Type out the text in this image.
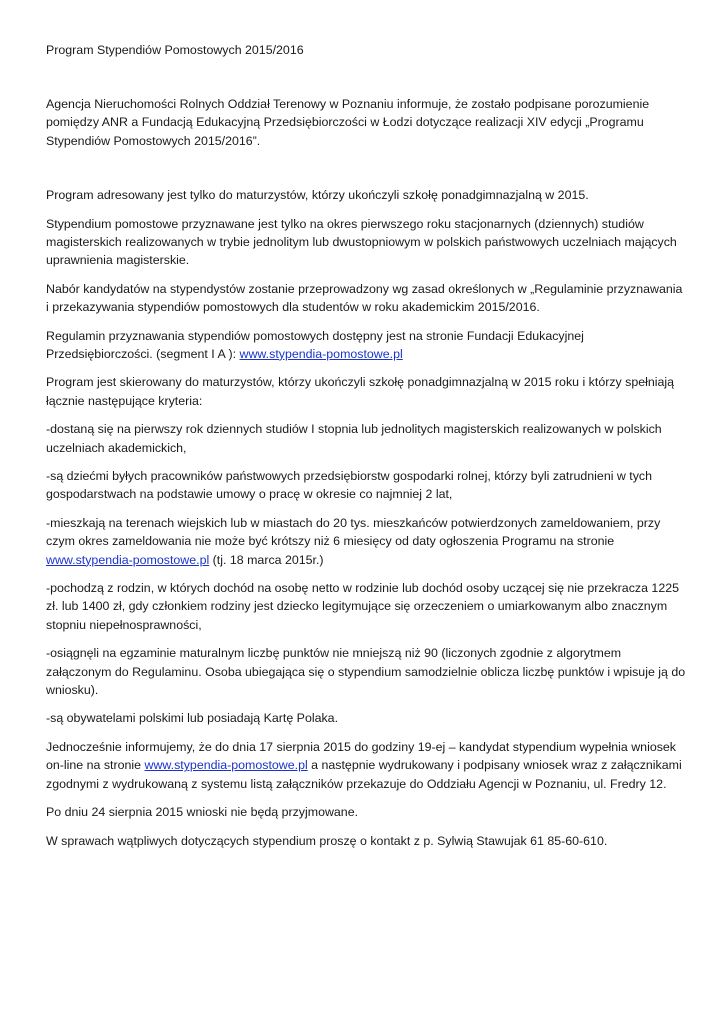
Program Stypendiów Pomostowych 2015/2016

Agencja Nieruchomości Rolnych Oddział Terenowy w Poznaniu informuje, że zostało podpisane porozumienie pomiędzy ANR a Fundacją Edukacyjną Przedsiębiorczości w Łodzi dotyczące realizacji XIV edycji „Programu Stypendiów Pomostowych 2015/2016”.

Program adresowany jest tylko do maturzystów, którzy ukończyli szkołę ponadgimnazjalną w 2015.

Stypendium pomostowe przyznawane jest tylko na okres pierwszego roku stacjonarnych (dziennych) studiów magisterskich realizowanych w trybie jednolitym lub dwustopniowym w polskich państwowych uczelniach mających uprawnienia magisterskie.

Nabór kandydatów na stypendystów zostanie przeprowadzony wg zasad określonych w „Regulaminie przyznawania i przekazywania stypendiów pomostowych dla studentów w roku akademickim 2015/2016.

Regulamin przyznawania stypendiów pomostowych dostępny jest na stronie Fundacji Edukacyjnej Przedsiębiorczości. (segment I A ): www.stypendia-pomostowe.pl

Program jest skierowany do maturzystów, którzy ukończyli szkołę ponadgimnazjalną w 2015 roku i którzy spełniają łącznie następujące kryteria:

-dostaną się na pierwszy rok dziennych studiów I stopnia lub jednolitych magisterskich realizowanych w polskich uczelniach akademickich,

-są dziećmi byłych pracowników państwowych przedsiębiorstw gospodarki rolnej, którzy byli zatrudnieni w tych gospodarstwach na podstawie umowy o pracę w okresie co najmniej 2 lat,

-mieszkają na terenach wiejskich lub w miastach do 20 tys. mieszkańców potwierdzonych zameldowaniem, przy czym okres zameldowania nie może być krótszy niż 6 miesięcy od daty ogłoszenia Programu na stronie www.stypendia-pomostowe.pl (tj. 18 marca 2015r.)

-pochodzą z rodzin, w których dochód na osobę netto w rodzinie lub dochód osoby uczącej się nie przekracza 1225 zł. lub 1400 zł, gdy członkiem rodziny jest dziecko legitymujące się orzeczeniem o umiarkowanym albo znacznym stopniu niepełnosprawności,

-osiągnęli na egzaminie maturalnym liczbę punktów nie mniejszą niż 90 (liczonych zgodnie z algorytmem załączonym do Regulaminu. Osoba ubiegająca się o stypendium samodzielnie oblicza liczbę punktów i wpisuje ją do wniosku).

-są obywatelami polskimi lub posiadają Kartę Polaka.

Jednocześnie informujemy, że do dnia 17 sierpnia 2015 do godziny 19-ej – kandydat stypendium wypełnia wniosek on-line na stronie www.stypendia-pomostowe.pl a następnie wydrukowany i podpisany wniosek wraz z załącznikami zgodnymi z wydrukowaną z systemu listą załączników przekazuje do Oddziału Agencji w Poznaniu, ul. Fredry 12.

Po dniu 24 sierpnia 2015 wnioski nie będą przyjmowane.

W sprawach wątpliwych dotyczących stypendium proszę o kontakt z p. Sylwią Stawujak 61 85-60-610.
